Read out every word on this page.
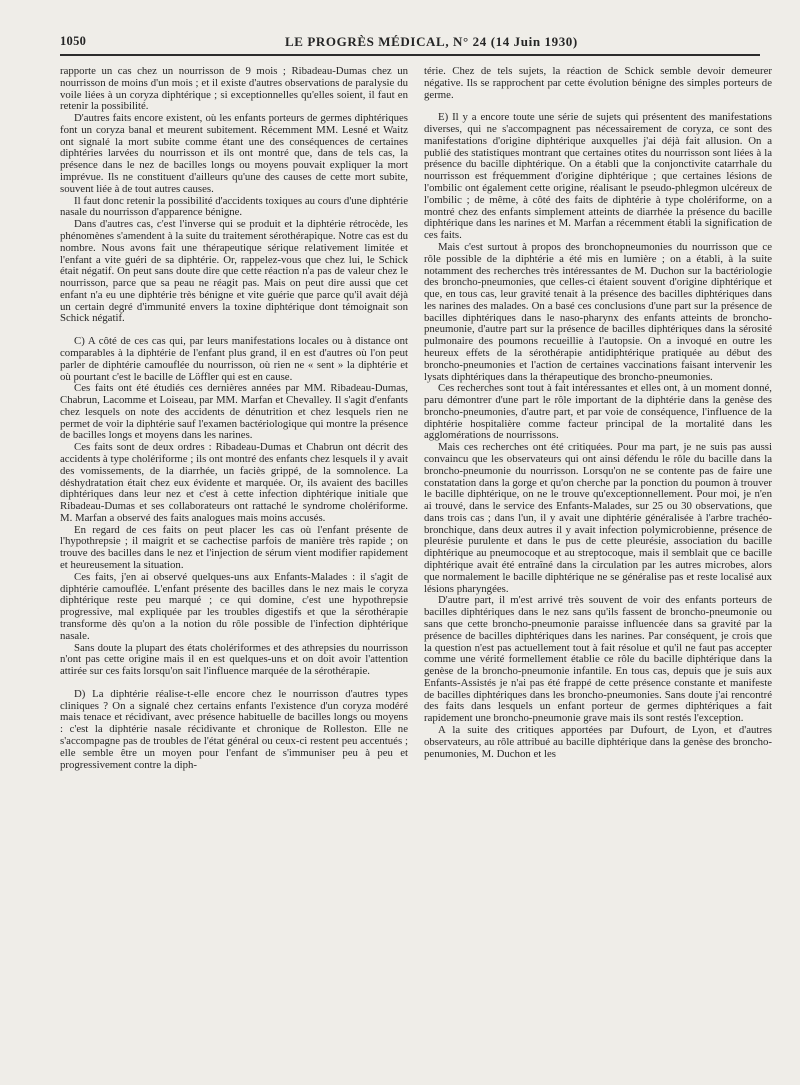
1050	LE PROGRÈS MÉDICAL, N° 24 (14 Juin 1930)

rapporte un cas chez un nourrisson de 9 mois ; Ribadeau-Dumas chez un nourrisson de moins d'un mois ; et il existe d'autres observations de paralysie du voile liées à un coryza diphtérique ; si exceptionnelles qu'elles soient, il faut en retenir la possibilité.

D'autres faits encore existent, où les enfants porteurs de germes diphtériques font un coryza banal et meurent subitement. Récemment MM. Lesné et Waitz ont signalé la mort subite comme étant une des conséquences de certaines diphtéries larvées du nourrisson et ils ont montré que, dans de tels cas, la présence dans le nez de bacilles longs ou moyens pouvait expliquer la mort imprévue. Ils ne constituent d'ailleurs qu'une des causes de cette mort subite, souvent liée à de tout autres causes.

Il faut donc retenir la possibilité d'accidents toxiques au cours d'une diphtérie nasale du nourrisson d'apparence bénigne.

Dans d'autres cas, c'est l'inverse qui se produit et la diphtérie rétrocède, les phénomènes s'amendent à la suite du traitement sérothérapique. Notre cas est du nombre. Nous avons fait une thérapeutique sérique relativement limitée et l'enfant a vite guéri de sa diphtérie. Or, rappelez-vous que chez lui, le Schick était négatif. On peut sans doute dire que cette réaction n'a pas de valeur chez le nourrisson, parce que sa peau ne réagit pas. Mais on peut dire aussi que cet enfant n'a eu une diphtérie très bénigne et vite guérie que parce qu'il avait déjà un certain degré d'immunité envers la toxine diphtérique dont témoignait son Schick négatif.

C) A côté de ces cas qui, par leurs manifestations locales ou à distance ont comparables à la diphtérie de l'enfant plus grand, il en est d'autres où l'on peut parler de diphtérie camouflée du nourrisson, où rien ne « sent » la diphtérie et où pourtant c'est le bacille de Löffler qui est en cause.

Ces faits ont été étudiés ces dernières années par MM. Ribadeau-Dumas, Chabrun, Lacomme et Loiseau, par MM. Marfan et Chevalley. Il s'agit d'enfants chez lesquels on note des accidents de dénutrition et chez lesquels rien ne permet de voir la diphtérie sauf l'examen bactériologique qui montre la présence de bacilles longs et moyens dans les narines.

Ces faits sont de deux ordres : Ribadeau-Dumas et Chabrun ont décrit des accidents à type cholériforme ; ils ont montré des enfants chez lesquels il y avait des vomissements, de la diarrhée, un faciès grippé, de la somnolence. La déshydratation était chez eux évidente et marquée. Or, ils avaient des bacilles diphtériques dans leur nez et c'est à cette infection diphtérique initiale que Ribadeau-Dumas et ses collaborateurs ont rattaché le syndrome cholériforme. M. Marfan a observé des faits analogues mais moins accusés.

En regard de ces faits on peut placer les cas où l'enfant présente de l'hypothrepsie ; il maigrit et se cachectise parfois de manière très rapide ; on trouve des bacilles dans le nez et l'injection de sérum vient modifier rapidement et heureusement la situation.

Ces faits, j'en ai observé quelques-uns aux Enfants-Malades : il s'agit de diphtérie camouflée. L'enfant présente des bacilles dans le nez mais le coryza diphtérique reste peu marqué ; ce qui domine, c'est une hypothrepsie progressive, mal expliquée par les troubles digestifs et que la sérothérapie transforme dès qu'on a la notion du rôle possible de l'infection diphtérique nasale.

Sans doute la plupart des états cholériformes et des athrepsies du nourrisson n'ont pas cette origine mais il en est quelques-uns et on doit avoir l'attention attirée sur ces faits lorsqu'on sait l'influence marquée de la sérothérapie.

D) La diphtérie réalise-t-elle encore chez le nourrisson d'autres types cliniques ? On a signalé chez certains enfants l'existence d'un coryza modéré mais tenace et récidivant, avec présence habituelle de bacilles longs ou moyens : c'est la diphtérie nasale récidivante et chronique de Rolleston. Elle ne s'accompagne pas de troubles de l'état général ou ceux-ci restent peu accentués ; elle semble être un moyen pour l'enfant de s'immuniser peu à peu et progressivement contre la diph-

térie. Chez de tels sujets, la réaction de Schick semble devoir demeurer négative. Ils se rapprochent par cette évolution bénigne des simples porteurs de germe.

E) Il y a encore toute une série de sujets qui présentent des manifestations diverses, qui ne s'accompagnent pas nécessairement de coryza, ce sont des manifestations d'origine diphtérique auxquelles j'ai déjà fait allusion. On a publié des statistiques montrant que certaines otites du nourrisson sont liées à la présence du bacille diphtérique. On a établi que la conjonctivite catarrhale du nourrisson est fréquemment d'origine diphtérique ; que certaines lésions de l'ombilic ont également cette origine, réalisant le pseudo-phlegmon ulcéreux de l'ombilic ; de même, à côté des faits de diphtérie à type cholériforme, on a montré chez des enfants simplement atteints de diarrhée la présence du bacille diphtérique dans les narines et M. Marfan a récemment établi la signification de ces faits.

Mais c'est surtout à propos des bronchopneumonies du nourrisson que ce rôle possible de la diphtérie a été mis en lumière ; on a établi, à la suite notamment des recherches très intéressantes de M. Duchon sur la bactériologie des broncho-pneumonies, que celles-ci étaient souvent d'origine diphtérique et que, en tous cas, leur gravité tenait à la présence des bacilles diphtériques dans les narines des malades. On a basé ces conclusions d'une part sur la présence de bacilles diphtériques dans le naso-pharynx des enfants atteints de broncho-pneumonie, d'autre part sur la présence de bacilles diphtériques dans la sérosité pulmonaire des poumons recueillie à l'autopsie. On a invoqué en outre les heureux effets de la sérothérapie antidiphtérique pratiquée au début des broncho-pneumonies et l'action de certaines vaccinations faisant intervenir les lysats diphtériques dans la thérapeutique des broncho-pneumonies.

Ces recherches sont tout à fait intéressantes et elles ont, à un moment donné, paru démontrer d'une part le rôle important de la diphtérie dans la genèse des broncho-pneumonies, d'autre part, et par voie de conséquence, l'influence de la diphtérie hospitalière comme facteur principal de la mortalité dans les agglomérations de nourrissons.

Mais ces recherches ont été critiquées. Pour ma part, je ne suis pas aussi convaincu que les observateurs qui ont ainsi défendu le rôle du bacille dans la broncho-pneumonie du nourrisson. Lorsqu'on ne se contente pas de faire une constatation dans la gorge et qu'on cherche par la ponction du poumon à trouver le bacille diphtérique, on ne le trouve qu'exceptionnellement. Pour moi, je n'en ai trouvé, dans le service des Enfants-Malades, sur 25 ou 30 observations, que dans trois cas ; dans l'un, il y avait une diphtérie généralisée à l'arbre trachéo-bronchique, dans deux autres il y avait infection polymicrobienne, présence de pleurésie purulente et dans le pus de cette pleurésie, association du bacille diphtérique au pneumocoque et au streptocoque, mais il semblait que ce bacille diphtérique avait été entraîné dans la circulation par les autres microbes, alors que normalement le bacille diphtérique ne se généralise pas et reste localisé aux lésions pharyngées.

D'autre part, il m'est arrivé très souvent de voir des enfants porteurs de bacilles diphtériques dans le nez sans qu'ils fassent de broncho-pneumonie ou sans que cette broncho-pneumonie paraisse influencée dans sa gravité par la présence de bacilles diphtériques dans les narines. Par conséquent, je crois que la question n'est pas actuellement tout à fait résolue et qu'il ne faut pas accepter comme une vérité formellement établie ce rôle du bacille diphtérique dans la genèse de la broncho-pneumonie infantile. En tous cas, depuis que je suis aux Enfants-Assistés je n'ai pas été frappé de cette présence constante et manifeste de bacilles diphtériques dans les broncho-pneumonies. Sans doute j'ai rencontré des faits dans lesquels un enfant porteur de germes diphtériques a fait rapidement une broncho-pneumonie grave mais ils sont restés l'exception.

A la suite des critiques apportées par Dufourt, de Lyon, et d'autres observateurs, au rôle attribué au bacille diphtérique dans la genèse des broncho-penumonies, M. Duchon et les
